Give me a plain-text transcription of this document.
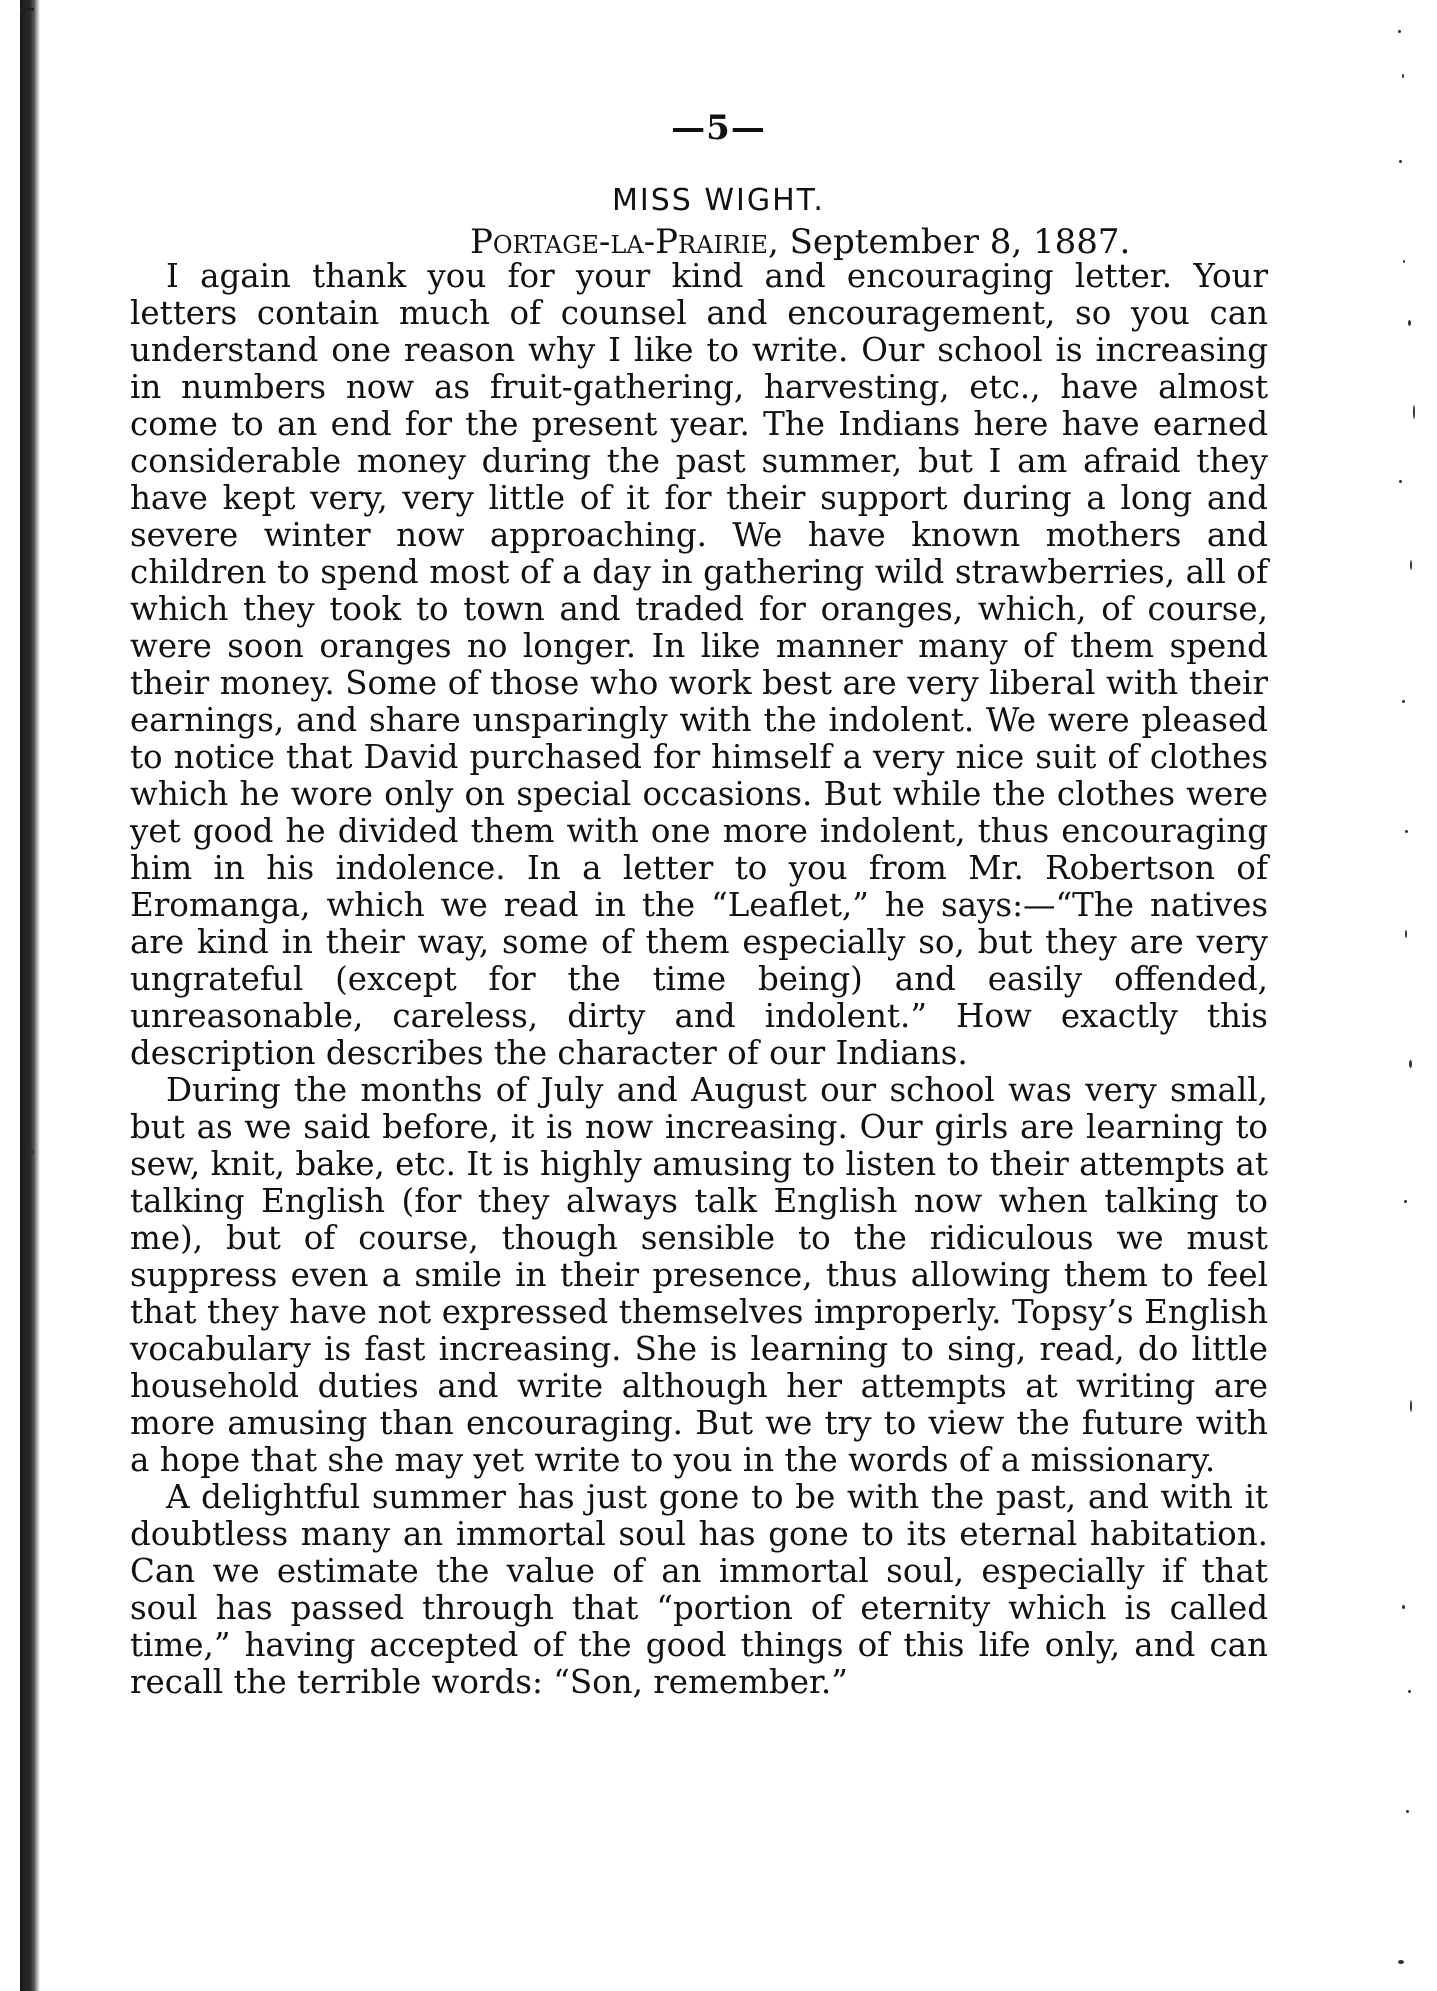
—5—
MISS WIGHT.
Portage-la-Prairie, September 8, 1887.

I again thank you for your kind and encouraging letter. Your letters contain much of counsel and encouragement, so you can understand one reason why I like to write. Our school is increasing in numbers now as fruit-gathering, harvesting, etc., have almost come to an end for the present year. The Indians here have earned considerable money during the past summer, but I am afraid they have kept very, very little of it for their support during a long and severe winter now approaching. We have known mothers and children to spend most of a day in gathering wild strawberries, all of which they took to town and traded for oranges, which, of course, were soon oranges no longer. In like manner many of them spend their money. Some of those who work best are very liberal with their earnings, and share unsparingly with the indolent. We were pleased to notice that David purchased for himself a very nice suit of clothes which he wore only on special occasions. But while the clothes were yet good he divided them with one more indolent, thus encouraging him in his indolence. In a letter to you from Mr. Robertson of Eromanga, which we read in the “Leaflet,” he says:—“The natives are kind in their way, some of them especially so, but they are very ungrateful (except for the time being) and easily offended, unreasonable, careless, dirty and indolent.” How exactly this description describes the character of our Indians.

During the months of July and August our school was very small, but as we said before, it is now increasing. Our girls are learning to sew, knit, bake, etc. It is highly amusing to listen to their attempts at talking English (for they always talk English now when talking to me), but of course, though sensible to the ridiculous we must suppress even a smile in their presence, thus allowing them to feel that they have not expressed themselves improperly. Topsy’s English vocabulary is fast increasing. She is learning to sing, read, do little household duties and write although her attempts at writing are more amusing than encouraging. But we try to view the future with a hope that she may yet write to you in the words of a missionary.

A delightful summer has just gone to be with the past, and with it doubtless many an immortal soul has gone to its eternal habitation. Can we estimate the value of an immortal soul, especially if that soul has passed through that “portion of eternity which is called time,” having accepted of the good things of this life only, and can recall the terrible words: “Son, remember.”
